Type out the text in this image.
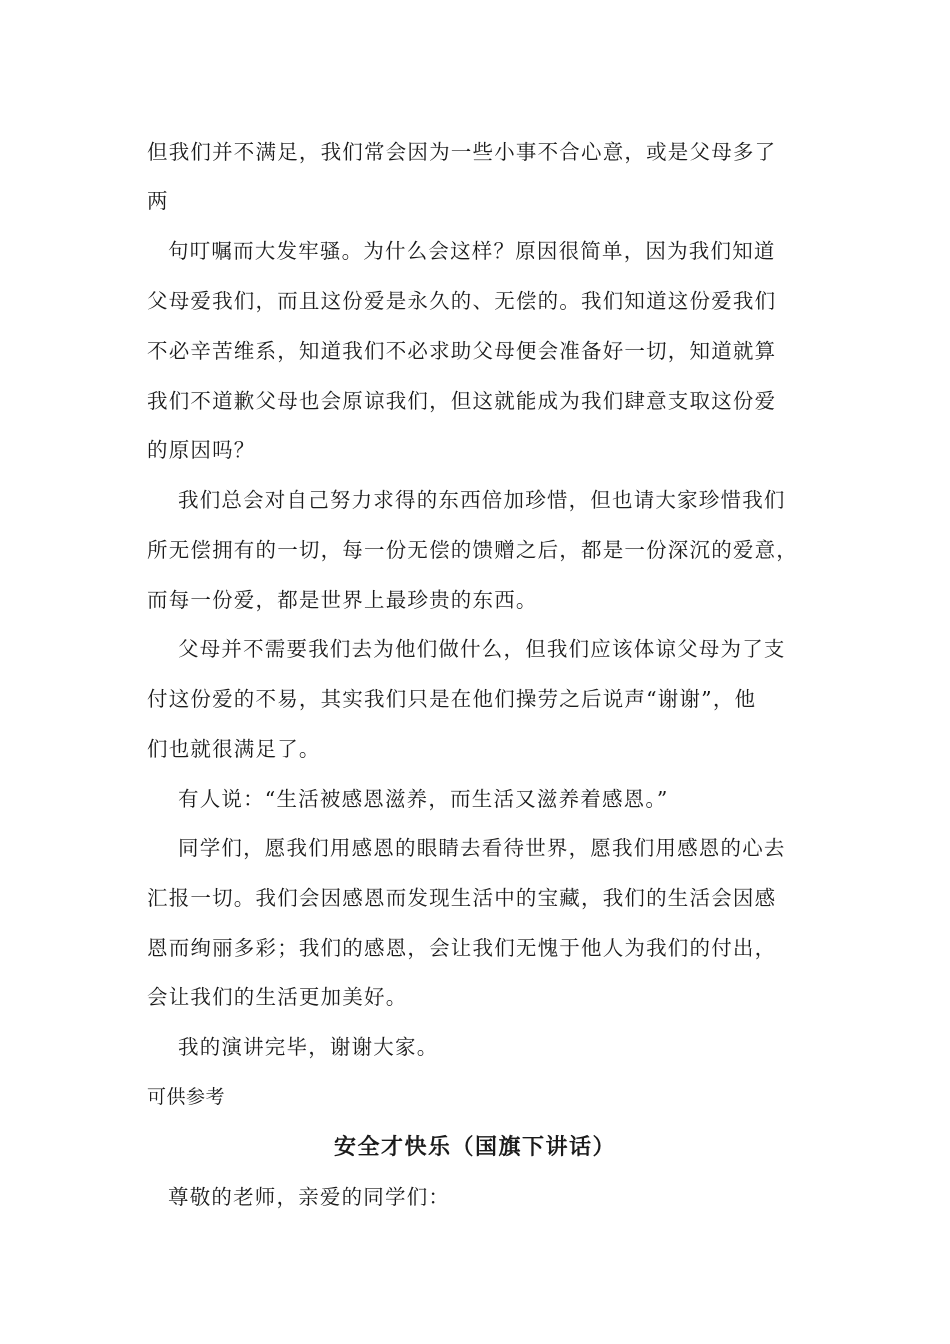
但我们并不满足，我们常会因为一些小事不合心意，或是父母多了
两
句叮嘱而大发牢骚。为什么会这样？原因很简单，因为我们知道
父母爱我们，而且这份爱是永久的、无偿的。我们知道这份爱我们
不必辛苦维系，知道我们不必求助父母便会准备好一切，知道就算
我们不道歉父母也会原谅我们，但这就能成为我们肆意支取这份爱
的原因吗？
我们总会对自己努力求得的东西倍加珍惜，但也请大家珍惜我们
所无偿拥有的一切，每一份无偿的馈赠之后，都是一份深沉的爱意，
而每一份爱，都是世界上最珍贵的东西。
父母并不需要我们去为他们做什么，但我们应该体谅父母为了支
付这份爱的不易，其实我们只是在他们操劳之后说声“谢谢”，他
们也就很满足了。
有人说：“生活被感恩滋养，而生活又滋养着感恩。”
同学们，愿我们用感恩的眼睛去看待世界，愿我们用感恩的心去
汇报一切。我们会因感恩而发现生活中的宝藏，我们的生活会因感
恩而绚丽多彩；我们的感恩，会让我们无愧于他人为我们的付出，
会让我们的生活更加美好。
我的演讲完毕，谢谢大家。
可供参考
安全才快乐（国旗下讲话）
尊敬的老师，亲爱的同学们：
